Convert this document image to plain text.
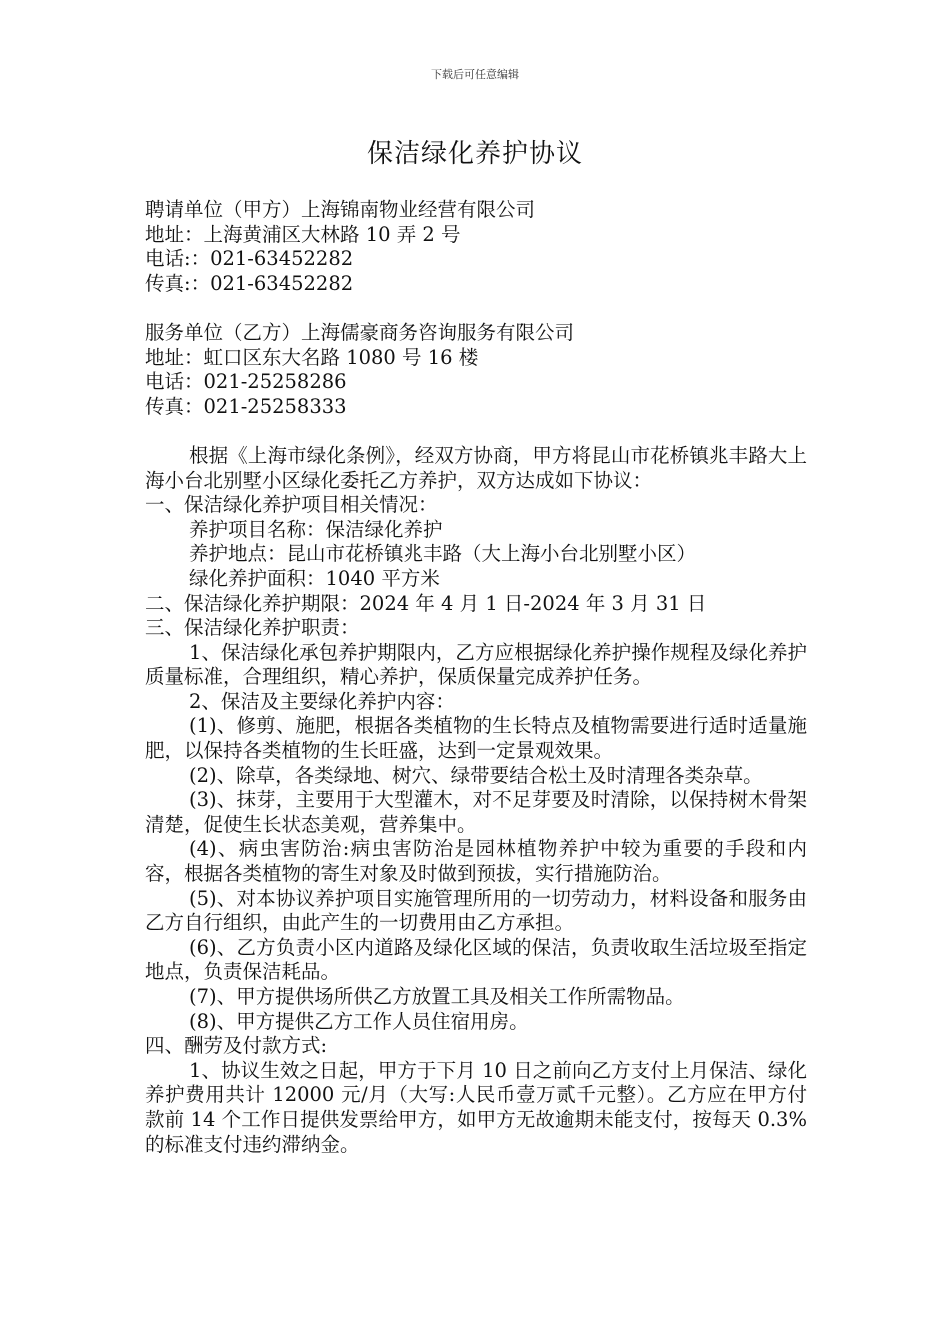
下载后可任意编辑
保洁绿化养护协议
聘请单位（甲方）上海锦南物业经营有限公司
地址：上海黄浦区大林路 10 弄 2 号
电话:：021-63452282
传真:：021-63452282
服务单位（乙方）上海儒豪商务咨询服务有限公司
地址：虹口区东大名路 1080 号 16 楼
电话：021-25258286
传真：021-25258333
根据《上海市绿化条例》，经双方协商，甲方将昆山市花桥镇兆丰路大上海小台北别墅小区绿化委托乙方养护，双方达成如下协议：
一、保洁绿化养护项目相关情况：
养护项目名称：保洁绿化养护
养护地点：昆山市花桥镇兆丰路（大上海小台北别墅小区）
绿化养护面积：1040 平方米
二、保洁绿化养护期限：2024 年 4 月 1 日-2024 年 3 月 31 日
三、保洁绿化养护职责：
1、保洁绿化承包养护期限内，乙方应根据绿化养护操作规程及绿化养护质量标准，合理组织，精心养护，保质保量完成养护任务。
2、保洁及主要绿化养护内容：
(1)、修剪、施肥，根据各类植物的生长特点及植物需要进行适时适量施肥，以保持各类植物的生长旺盛，达到一定景观效果。
(2)、除草，各类绿地、树穴、绿带要结合松土及时清理各类杂草。
(3)、抹芽，主要用于大型灌木，对不足芽要及时清除，以保持树木骨架清楚，促使生长状态美观，营养集中。
(4)、病虫害防治:病虫害防治是园林植物养护中较为重要的手段和内容，根据各类植物的寄生对象及时做到预拔，实行措施防治。
(5)、对本协议养护项目实施管理所用的一切劳动力，材料设备和服务由乙方自行组织，由此产生的一切费用由乙方承担。
(6)、乙方负责小区内道路及绿化区域的保洁，负责收取生活垃圾至指定地点，负责保洁耗品。
(7)、甲方提供场所供乙方放置工具及相关工作所需物品。
(8)、甲方提供乙方工作人员住宿用房。
四、酬劳及付款方式:
1、协议生效之日起，甲方于下月 10 日之前向乙方支付上月保洁、绿化养护费用共计 12000 元/月（大写:人民币壹万贰千元整）。乙方应在甲方付款前 14 个工作日提供发票给甲方，如甲方无故逾期未能支付，按每天 0.3%的标准支付违约滞纳金。
